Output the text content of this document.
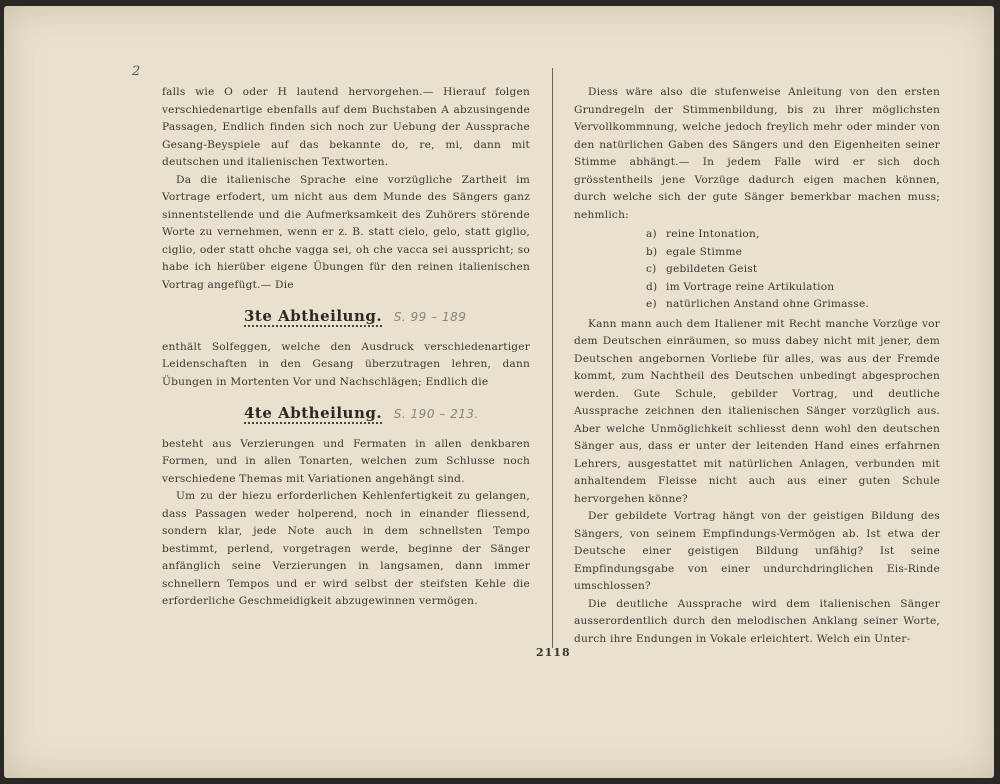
2

falls wie O oder H lautend hervorgehen.— Hierauf folgen verschiedenartige ebenfalls auf dem Buchstaben A abzusingende Passagen, Endlich finden sich noch zur Uebung der Aussprache Gesang-Beyspiele auf das bekannte do, re, mi, dann mit deutschen und italienischen Textworten.

Da die italienische Sprache eine vorzügliche Zartheit im Vortrage erfodert, um nicht aus dem Munde des Sängers ganz sinnentstellende und die Aufmerksamkeit des Zuhörers störende Worte zu vernehmen, wenn er z. B. statt cielo, gelo, statt giglio, ciglio, oder statt ohche vagga sei, oh che vacca sei ausspricht; so habe ich hierüber eigene Übungen für den reinen italienischen Vortrag angefügt.— Die

3te Abtheilung. S. 99 – 189

enthält Solfeggen, welche den Ausdruck verschiedenartiger Leidenschaften in den Gesang überzutragen lehren, dann Übungen in Mortenten Vor und Nachschlägen; Endlich die

4te Abtheilung. S. 190 – 213.

besteht aus Verzierungen und Fermaten in allen denkbaren Formen, und in allen Tonarten, welchen zum Schlusse noch verschiedene Themas mit Variationen angehängt sind.

Um zu der hiezu erforderlichen Kehlenfertigkeit zu gelangen, dass Passagen weder holperend, noch in einander fliessend, sondern klar, jede Note auch in dem schnellsten Tempo bestimmt, perlend, vorgetragen werde, beginne der Sänger anfänglich seine Verzierungen in langsamen, dann immer schnellern Tempos und er wird selbst der steifsten Kehle die erforderliche Geschmeidigkeit abzugewinnen vermögen.

Diess wäre also die stufenweise Anleitung von den ersten Grundregeln der Stimmenbildung, bis zu ihrer möglichsten Vervollkommnung, welche jedoch freylich mehr oder minder von den natürlichen Gaben des Sängers und den Eigenheiten seiner Stimme abhängt.— In jedem Falle wird er sich doch grösstentheils jene Vorzüge dadurch eigen machen können, durch welche sich der gute Sänger bemerkbar machen muss; nehmlich:

a) reine Intonation,
b) egale Stimme
c) gebildeten Geist
d) im Vortrage reine Artikulation
e) natürlichen Anstand ohne Grimasse.

Kann mann auch dem Italiener mit Recht manche Vorzüge vor dem Deutschen einräumen, so muss dabey nicht mit jener, dem Deutschen angebornen Vorliebe für alles, was aus der Fremde kommt, zum Nachtheil des Deutschen unbedingt abgesprochen werden. Gute Schule, gebilder Vortrag, und deutliche Aussprache zeichnen den italienischen Sänger vorzüglich aus. Aber welche Unmöglichkeit schliesst denn wohl den deutschen Sänger aus, dass er unter der leitenden Hand eines erfahrnen Lehrers, ausgestattet mit natürlichen Anlagen, verbunden mit anhaltendem Fleisse nicht auch aus einer guten Schule hervorgehen könne?

Der gebildete Vortrag hängt von der geistigen Bildung des Sängers, von seinem Empfindungs-Vermögen ab. Ist etwa der Deutsche einer geistigen Bildung unfähig? Ist seine Empfindungsgabe von einer undurchdringlichen Eis-Rinde umschlossen?

Die deutliche Aussprache wird dem italienischen Sänger ausserordentlich durch den melodischen Anklang seiner Worte, durch ihre Endungen in Vokale erleichtert. Welch ein Unter-

2118
